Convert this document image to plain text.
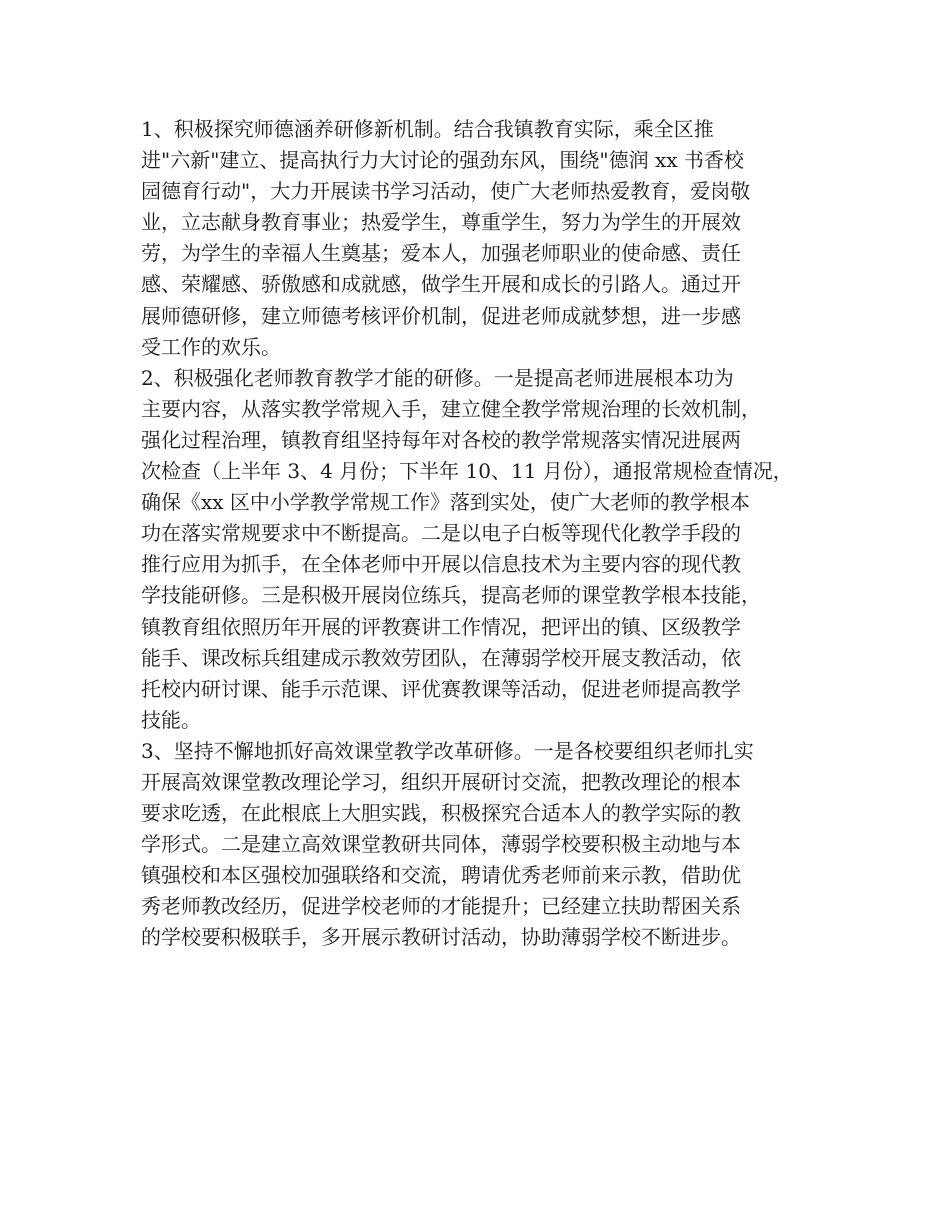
1、积极探究师德涵养研修新机制。结合我镇教育实际，乘全区推
进"六新"建立、提高执行力大讨论的强劲东风，围绕"德润 xx 书香校
园德育行动"，大力开展读书学习活动，使广大老师热爱教育，爱岗敬
业，立志献身教育事业；热爱学生，尊重学生，努力为学生的开展效
劳，为学生的幸福人生奠基；爱本人，加强老师职业的使命感、责任
感、荣耀感、骄傲感和成就感，做学生开展和成长的引路人。通过开
展师德研修，建立师德考核评价机制，促进老师成就梦想，进一步感
受工作的欢乐。
2、积极强化老师教育教学才能的研修。一是提高老师进展根本功为
主要内容，从落实教学常规入手，建立健全教学常规治理的长效机制，
强化过程治理，镇教育组坚持每年对各校的教学常规落实情况进展两
次检查（上半年 3、4 月份；下半年 10、11 月份），通报常规检查情况，
确保《xx 区中小学教学常规工作》落到实处，使广大老师的教学根本
功在落实常规要求中不断提高。二是以电子白板等现代化教学手段的
推行应用为抓手，在全体老师中开展以信息技术为主要内容的现代教
学技能研修。三是积极开展岗位练兵，提高老师的课堂教学根本技能，
镇教育组依照历年开展的评教赛讲工作情况，把评出的镇、区级教学
能手、课改标兵组建成示教效劳团队，在薄弱学校开展支教活动，依
托校内研讨课、能手示范课、评优赛教课等活动，促进老师提高教学
技能。
3、坚持不懈地抓好高效课堂教学改革研修。一是各校要组织老师扎实
开展高效课堂教改理论学习，组织开展研讨交流，把教改理论的根本
要求吃透，在此根底上大胆实践，积极探究合适本人的教学实际的教
学形式。二是建立高效课堂教研共同体，薄弱学校要积极主动地与本
镇强校和本区强校加强联络和交流，聘请优秀老师前来示教，借助优
秀老师教改经历，促进学校老师的才能提升；已经建立扶助帮困关系
的学校要积极联手，多开展示教研讨活动，协助薄弱学校不断进步。
